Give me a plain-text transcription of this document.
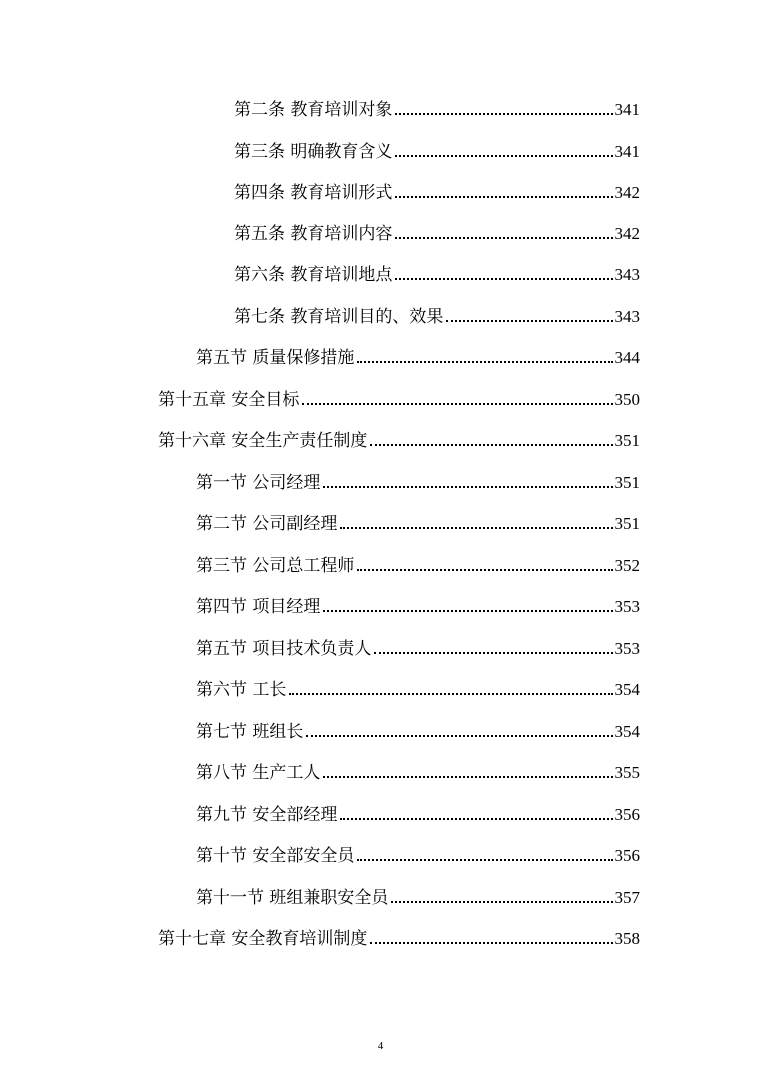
第二条 教育培训对象	341
第三条 明确教育含义	341
第四条 教育培训形式	342
第五条 教育培训内容	342
第六条 教育培训地点	343
第七条 教育培训目的、效果	343
第五节 质量保修措施	344
第十五章 安全目标	350
第十六章 安全生产责任制度	351
第一节 公司经理	351
第二节 公司副经理	351
第三节 公司总工程师	352
第四节 项目经理	353
第五节 项目技术负责人	353
第六节 工长	354
第七节 班组长	354
第八节 生产工人	355
第九节 安全部经理	356
第十节 安全部安全员	356
第十一节 班组兼职安全员	357
第十七章 安全教育培训制度	358
4
